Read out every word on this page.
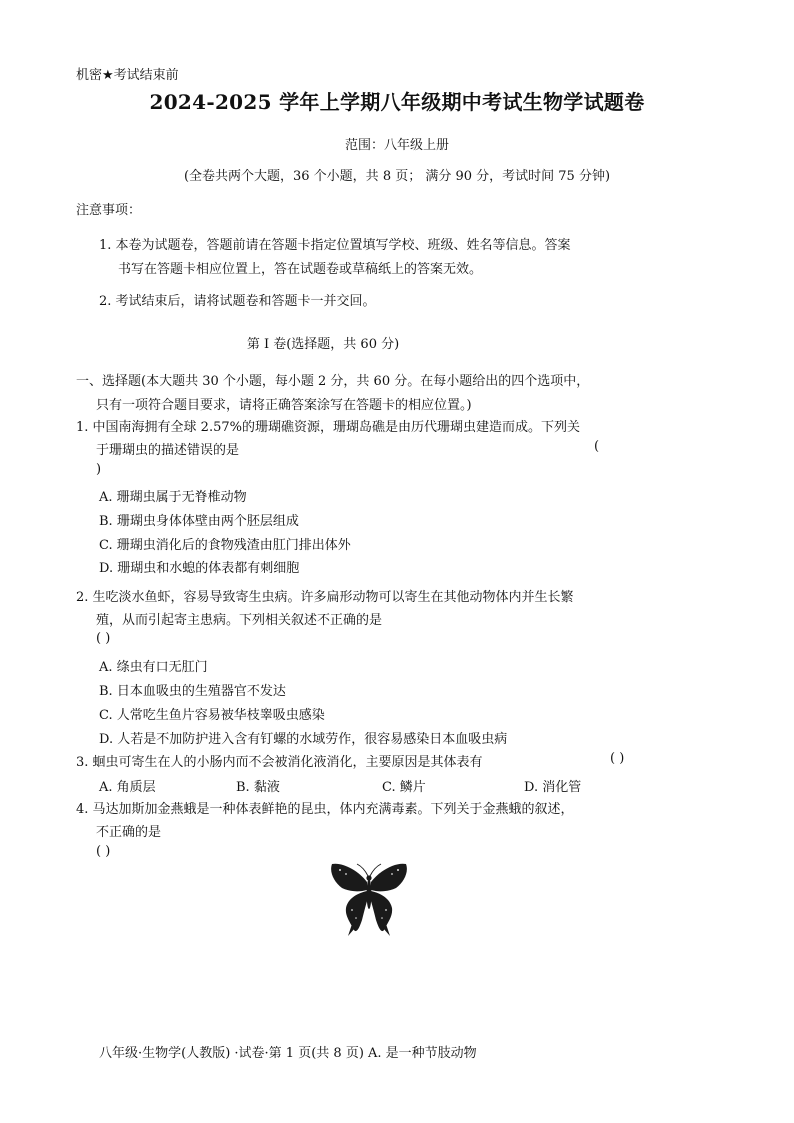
机密★考试结束前
2024-2025 学年上学期八年级期中考试生物学试题卷
范围：八年级上册
(全卷共两个大题，36 个小题，共 8 页； 满分 90 分，考试时间 75 分钟)
注意事项：
1. 本卷为试题卷，答题前请在答题卡指定位置填写学校、班级、姓名等信息。答案
书写在答题卡相应位置上，答在试题卷或草稿纸上的答案无效。
2. 考试结束后，请将试题卷和答题卡一并交回。
第 I 卷(选择题，共 60 分)
一、选择题(本大题共 30 个小题，每小题 2 分，共 60 分。在每小题给出的四个选项中，
只有一项符合题目要求，请将正确答案涂写在答题卡的相应位置。)
1. 中国南海拥有全球 2.57%的珊瑚礁资源，珊瑚岛礁是由历代珊瑚虫建造而成。下列关
于珊瑚虫的描述错误的是	(
)
A. 珊瑚虫属于无脊椎动物
B. 珊瑚虫身体体壁由两个胚层组成
C. 珊瑚虫消化后的食物残渣由肛门排出体外
D. 珊瑚虫和水螅的体表都有刺细胞
2. 生吃淡水鱼虾，容易导致寄生虫病。许多扁形动物可以寄生在其他动物体内并生长繁
殖，从而引起寄主患病。下列相关叙述不正确的是
( )
A. 绦虫有口无肛门
B. 日本血吸虫的生殖器官不发达
C. 人常吃生鱼片容易被华枝睾吸虫感染
D. 人若是不加防护进入含有钉螺的水域劳作，很容易感染日本血吸虫病
3. 蛔虫可寄生在人的小肠内而不会被消化液消化，主要原因是其体表有	( )
A. 角质层	B. 黏液	C. 鳞片	D. 消化管
4. 马达加斯加金燕蛾是一种体表鲜艳的昆虫，体内充满毒素。下列关于金燕蛾的叙述，
不正确的是
( )
八年级·生物学(人教版) ·试卷·第 1 页(共 8 页) A. 是一种节肢动物
